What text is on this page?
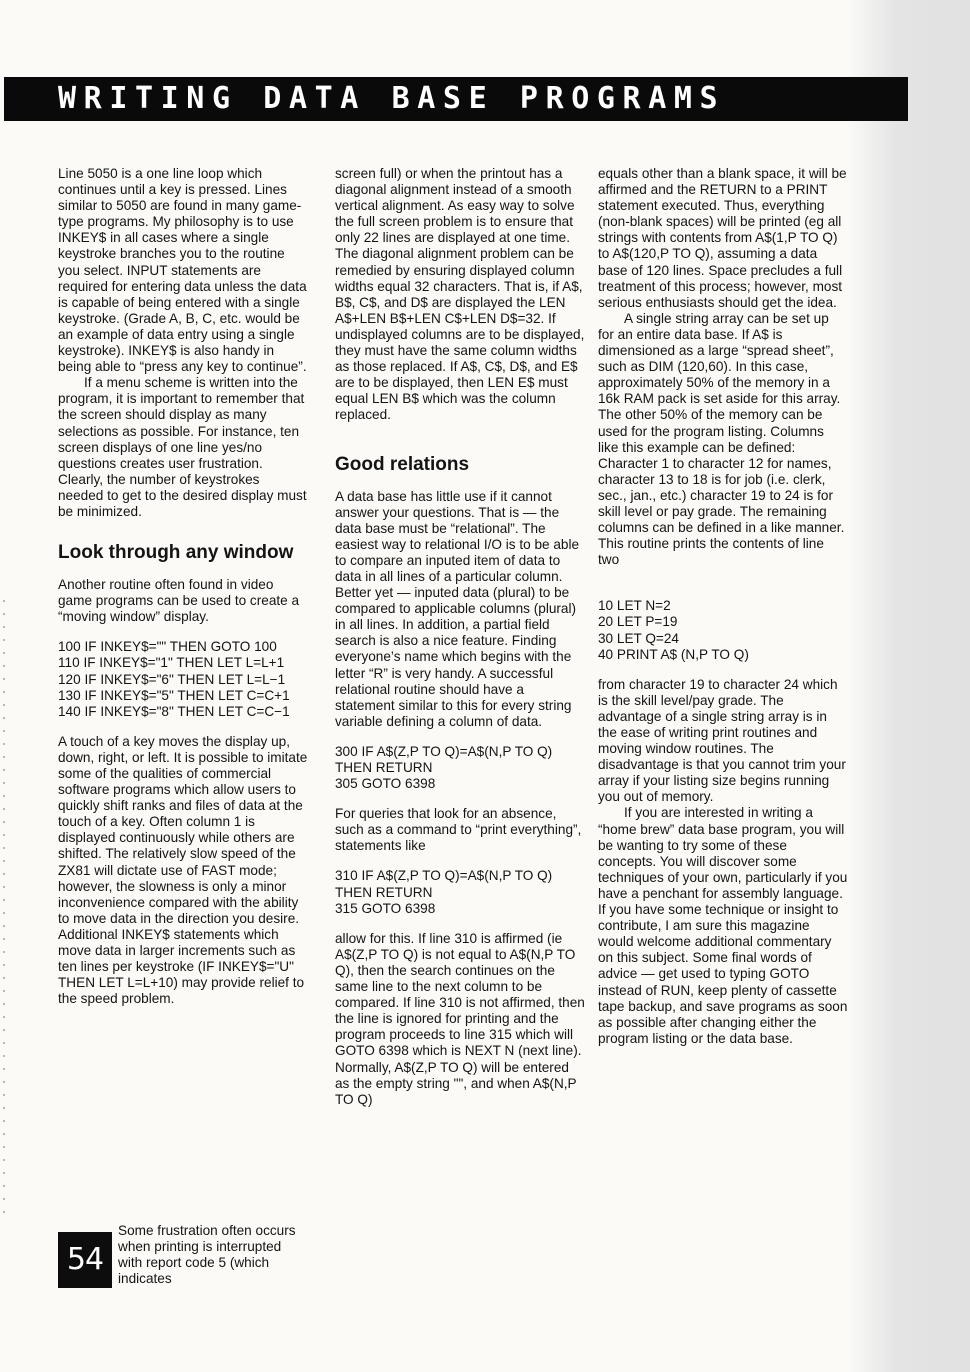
WRITING DATA BASE PROGRAMS

Line 5050 is a one line loop which continues until a key is pressed. Lines similar to 5050 are found in many game-type programs. My philosophy is to use INKEY$ in all cases where a single keystroke branches you to the routine you select. INPUT statements are required for entering data unless the data is capable of being entered with a single keystroke. (Grade A, B, C, etc. would be an example of data entry using a single keystroke). INKEY$ is also handy in being able to “press any key to continue”.

If a menu scheme is written into the program, it is important to remember that the screen should display as many selections as possible. For instance, ten screen displays of one line yes/no questions creates user frustration. Clearly, the number of keystrokes needed to get to the desired display must be minimized.

Look through any window

Another routine often found in video game programs can be used to create a “moving window” display.

100 IF INKEY$="" THEN GOTO 100
110 IF INKEY$="1" THEN LET L=L+1
120 IF INKEY$="6" THEN LET L=L−1
130 IF INKEY$="5" THEN LET C=C+1
140 IF INKEY$="8" THEN LET C=C−1

A touch of a key moves the display up, down, right, or left. It is possible to imitate some of the qualities of commercial software programs which allow users to quickly shift ranks and files of data at the touch of a key. Often column 1 is displayed continuously while others are shifted. The relatively slow speed of the ZX81 will dictate use of FAST mode; however, the slowness is only a minor inconvenience compared with the ability to move data in the direction you desire. Additional INKEY$ statements which move data in larger increments such as ten lines per keystroke (IF INKEY$="U" THEN LET L=L+10) may provide relief to the speed problem.

54
Some frustration often occurs when printing is interrupted with report code 5 (which indicates

screen full) or when the printout has a diagonal alignment instead of a smooth vertical alignment. As easy way to solve the full screen problem is to ensure that only 22 lines are displayed at one time. The diagonal alignment problem can be remedied by ensuring displayed column widths equal 32 characters. That is, if A$, B$, C$, and D$ are displayed the LEN A$+LEN B$+LEN C$+LEN D$=32. If undisplayed columns are to be displayed, they must have the same column widths as those replaced. If A$, C$, D$, and E$ are to be displayed, then LEN E$ must equal LEN B$ which was the column replaced.

Good relations

A data base has little use if it cannot answer your questions. That is — the data base must be “relational”. The easiest way to relational I/O is to be able to compare an inputed item of data to data in all lines of a particular column. Better yet — inputed data (plural) to be compared to applicable columns (plural) in all lines. In addition, a partial field search is also a nice feature. Finding everyone’s name which begins with the letter “R” is very handy. A successful relational routine should have a statement similar to this for every string variable defining a column of data.

300 IF A$(Z,P TO Q)=A$(N,P TO Q)
THEN RETURN
305 GOTO 6398

For queries that look for an absence, such as a command to “print everything”, statements like

310 IF A$(Z,P TO Q)=A$(N,P TO Q)
THEN RETURN
315 GOTO 6398

allow for this. If line 310 is affirmed (ie A$(Z,P TO Q) is not equal to A$(N,P TO Q), then the search continues on the same line to the next column to be compared. If line 310 is not affirmed, then the line is ignored for printing and the program proceeds to line 315 which will GOTO 6398 which is NEXT N (next line). Normally, A$(Z,P TO Q) will be entered as the empty string "", and when A$(N,P TO Q)

equals other than a blank space, it will be affirmed and the RETURN to a PRINT statement executed. Thus, everything (non-blank spaces) will be printed (eg all strings with contents from A$(1,P TO Q) to A$(120,P TO Q), assuming a data base of 120 lines. Space precludes a full treatment of this process; however, most serious enthusiasts should get the idea.

A single string array can be set up for an entire data base. If A$ is dimensioned as a large “spread sheet”, such as DIM (120,60). In this case, approximately 50% of the memory in a 16k RAM pack is set aside for this array. The other 50% of the memory can be used for the program listing. Columns like this example can be defined: Character 1 to character 12 for names, character 13 to 18 is for job (i.e. clerk, sec., jan., etc.) character 19 to 24 is for skill level or pay grade. The remaining columns can be defined in a like manner. This routine prints the contents of line two

10 LET N=2
20 LET P=19
30 LET Q=24
40 PRINT A$ (N,P TO Q)

from character 19 to character 24 which is the skill level/pay grade. The advantage of a single string array is in the ease of writing print routines and moving window routines. The disadvantage is that you cannot trim your array if your listing size begins running you out of memory.

If you are interested in writing a “home brew” data base program, you will be wanting to try some of these concepts. You will discover some techniques of your own, particularly if you have a penchant for assembly language. If you have some technique or insight to contribute, I am sure this magazine would welcome additional commentary on this subject. Some final words of advice — get used to typing GOTO instead of RUN, keep plenty of cassette tape backup, and save programs as soon as possible after changing either the program listing or the data base.
